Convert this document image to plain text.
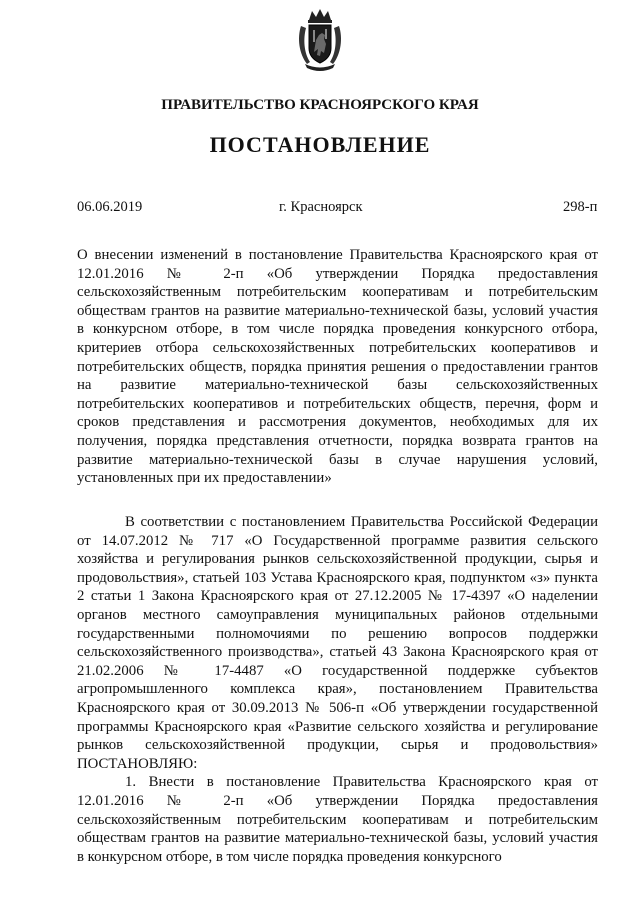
ПРАВИТЕЛЬСТВО КРАСНОЯРСКОГО КРАЯ
ПОСТАНОВЛЕНИЕ
06.06.2019	г. Красноярск	298-п

О внесении изменений в постановление Правительства Красноярского края от 12.01.2016 № 2-п «Об утверждении Порядка предоставления сельскохозяйственным потребительским кооперативам и потребительским обществам грантов на развитие материально-технической базы, условий участия в конкурсном отборе, в том числе порядка проведения конкурсного отбора, критериев отбора сельскохозяйственных потребительских кооперативов и потребительских обществ, порядка принятия решения о предоставлении грантов на развитие материально-технической базы сельскохозяйственных потребительских кооперативов и потребительских обществ, перечня, форм и сроков представления и рассмотрения документов, необходимых для их получения, порядка представления отчетности, порядка возврата грантов на развитие материально-технической базы в случае нарушения условий, установленных при их предоставлении»

В соответствии с постановлением Правительства Российской Федерации от 14.07.2012 № 717 «О Государственной программе развития сельского хозяйства и регулирования рынков сельскохозяйственной продукции, сырья и продовольствия», статьей 103 Устава Красноярского края, подпунктом «з» пункта 2 статьи 1 Закона Красноярского края от 27.12.2005 № 17-4397 «О наделении органов местного самоуправления муниципальных районов отдельными государственными полномочиями по решению вопросов поддержки сельскохозяйственного производства», статьей 43 Закона Красноярского края от 21.02.2006 № 17-4487 «О государственной поддержке субъектов агропромышленного комплекса края», постановлением Правительства Красноярского края от 30.09.2013 № 506-п «Об утверждении государственной программы Красноярского края «Развитие сельского хозяйства и регулирование рынков сельскохозяйственной продукции, сырья и продовольствия» ПОСТАНОВЛЯЮ:

1. Внести в постановление Правительства Красноярского края от 12.01.2016 № 2-п «Об утверждении Порядка предоставления сельскохозяйственным потребительским кооперативам и потребительским обществам грантов на развитие материально-технической базы, условий участия в конкурсном отборе, в том числе порядка проведения конкурсного
